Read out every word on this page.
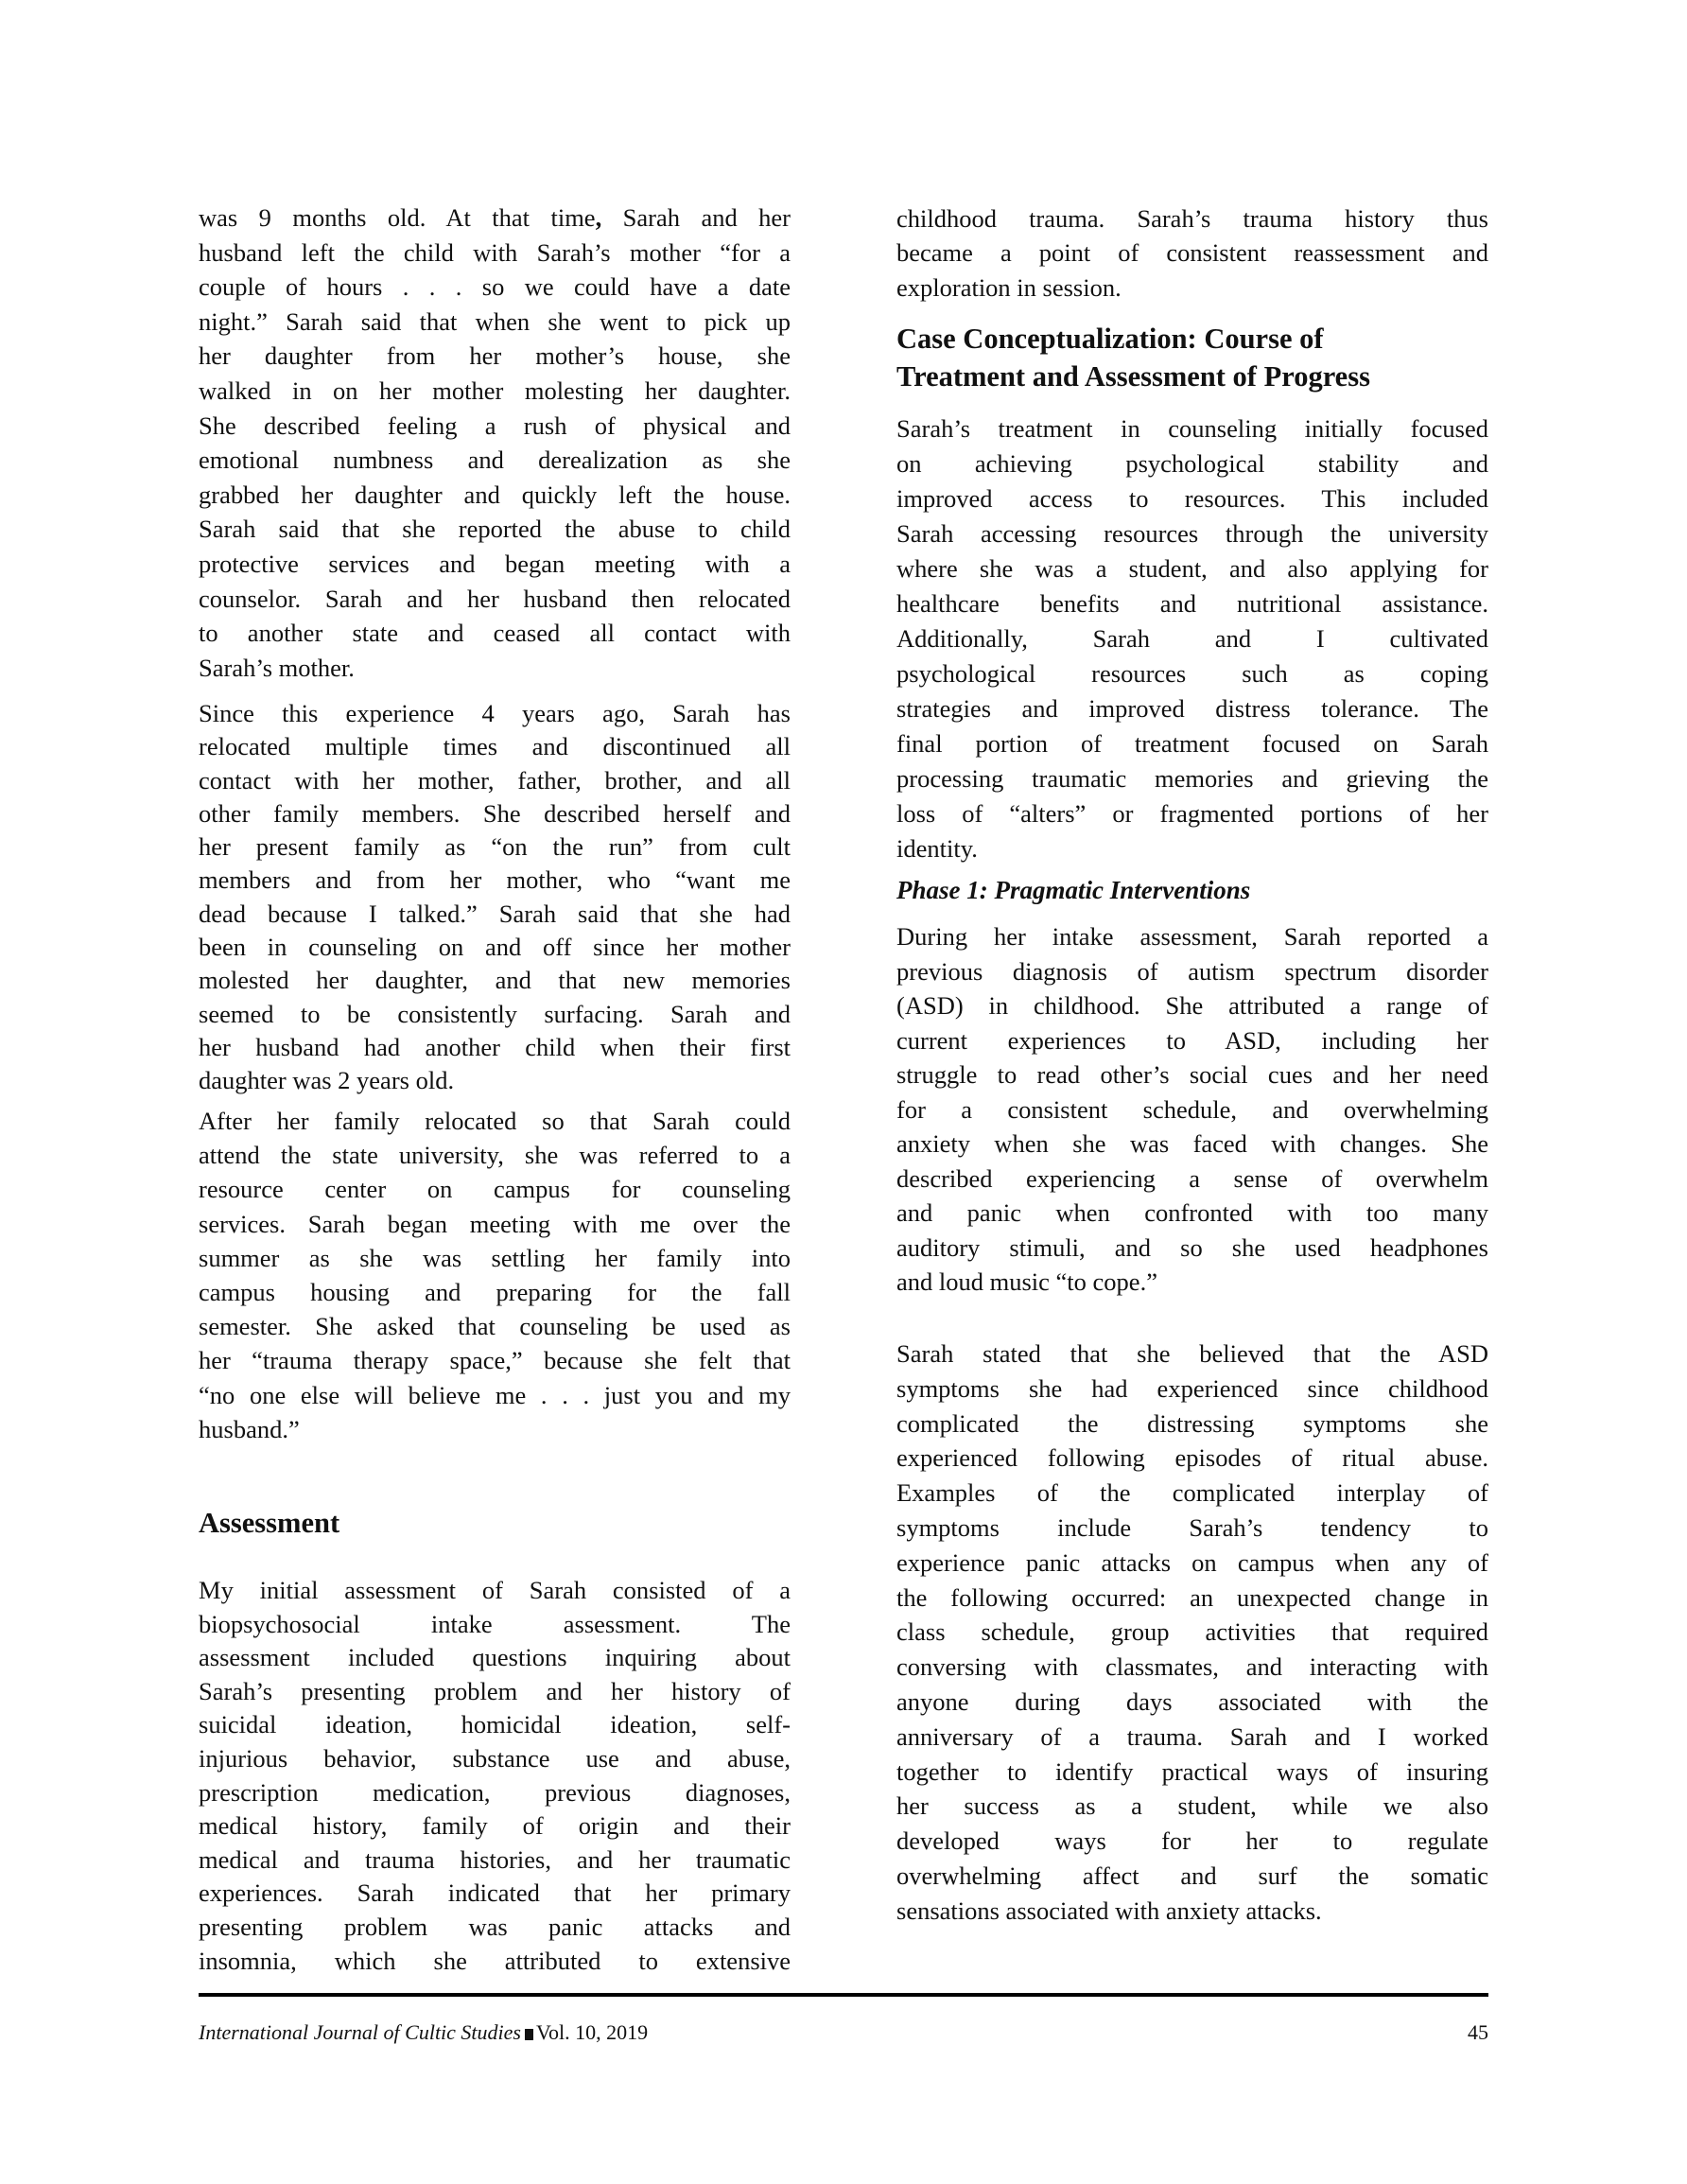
was 9 months old. At that time, Sarah and her
husband left the child with Sarah’s mother “for a
couple of hours . . . so we could have a date
night.” Sarah said that when she went to pick up
her daughter from her mother’s house, she
walked in on her mother molesting her daughter.
She described feeling a rush of physical and
emotional numbness and derealization as she
grabbed her daughter and quickly left the house.
Sarah said that she reported the abuse to child
protective services and began meeting with a
counselor. Sarah and her husband then relocated
to another state and ceased all contact with
Sarah’s mother.
Since this experience 4 years ago, Sarah has
relocated multiple times and discontinued all
contact with her mother, father, brother, and all
other family members. She described herself and
her present family as “on the run” from cult
members and from her mother, who “want me
dead because I talked.” Sarah said that she had
been in counseling on and off since her mother
molested her daughter, and that new memories
seemed to be consistently surfacing. Sarah and
her husband had another child when their first
daughter was 2 years old.
After her family relocated so that Sarah could
attend the state university, she was referred to a
resource center on campus for counseling
services. Sarah began meeting with me over the
summer as she was settling her family into
campus housing and preparing for the fall
semester. She asked that counseling be used as
her “trauma therapy space,” because she felt that
“no one else will believe me . . . just you and my
husband.”
Assessment
My initial assessment of Sarah consisted of a
biopsychosocial intake assessment. The
assessment included questions inquiring about
Sarah’s presenting problem and her history of
suicidal ideation, homicidal ideation, self-
injurious behavior, substance use and abuse,
prescription medication, previous diagnoses,
medical history, family of origin and their
medical and trauma histories, and her traumatic
experiences. Sarah indicated that her primary
presenting problem was panic attacks and
insomnia, which she attributed to extensive
childhood trauma. Sarah’s trauma history thus
became a point of consistent reassessment and
exploration in session.
Case Conceptualization: Course of
Treatment and Assessment of Progress
Sarah’s treatment in counseling initially focused
on achieving psychological stability and
improved access to resources. This included
Sarah accessing resources through the university
where she was a student, and also applying for
healthcare benefits and nutritional assistance.
Additionally, Sarah and I cultivated
psychological resources such as coping
strategies and improved distress tolerance. The
final portion of treatment focused on Sarah
processing traumatic memories and grieving the
loss of “alters” or fragmented portions of her
identity.
Phase 1: Pragmatic Interventions
During her intake assessment, Sarah reported a
previous diagnosis of autism spectrum disorder
(ASD) in childhood. She attributed a range of
current experiences to ASD, including her
struggle to read other’s social cues and her need
for a consistent schedule, and overwhelming
anxiety when she was faced with changes. She
described experiencing a sense of overwhelm
and panic when confronted with too many
auditory stimuli, and so she used headphones
and loud music “to cope.”
Sarah stated that she believed that the ASD
symptoms she had experienced since childhood
complicated the distressing symptoms she
experienced following episodes of ritual abuse.
Examples of the complicated interplay of
symptoms include Sarah’s tendency to
experience panic attacks on campus when any of
the following occurred: an unexpected change in
class schedule, group activities that required
conversing with classmates, and interacting with
anyone during days associated with the
anniversary of a trauma. Sarah and I worked
together to identify practical ways of insuring
her success as a student, while we also
developed ways for her to regulate
overwhelming affect and surf the somatic
sensations associated with anxiety attacks.
International Journal of Cultic Studies Vol. 10, 2019	45
